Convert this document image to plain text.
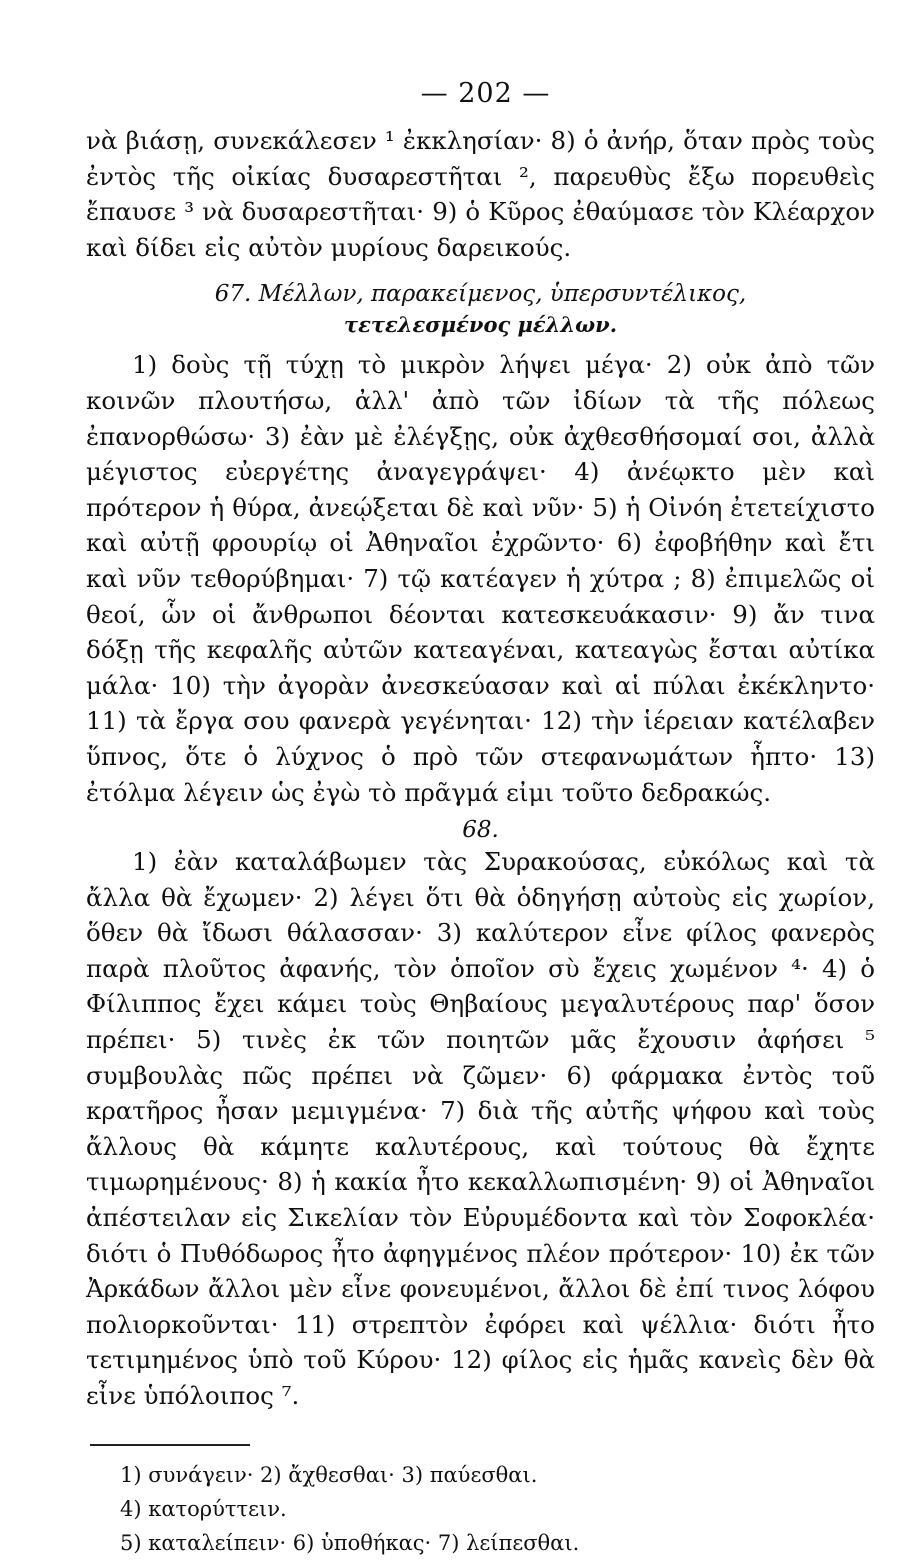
— 202 —

νὰ βιάσῃ, συνεκάλεσεν ¹ ἐκκλησίαν· 8) ὁ ἀνήρ, ὅταν πρὸς τοὺς ἐντὸς τῆς οἰκίας δυσαρεστῆται ², παρευθὺς ἔξω πορευθεὶς ἔπαυσε ³ νὰ δυσαρεστῆται· 9) ὁ Κῦρος ἐθαύμασε τὸν Κλέαρχον καὶ δίδει εἰς αὐτὸν μυρίους δαρεικούς.

67. Μέλλων, παρακείμενος, ὑπερσυντέλικος,
τετελεσμένος μέλλων.

1) δοὺς τῇ τύχῃ τὸ μικρὸν λήψει μέγα· 2) οὐκ ἀπὸ τῶν κοινῶν πλουτήσω, ἀλλ' ἀπὸ τῶν ἰδίων τὰ τῆς πόλεως ἐπανορθώσω· 3) ἐὰν μὲ ἐλέγξῃς, οὐκ ἀχθεσθήσομαί σοι, ἀλλὰ μέγιστος εὐεργέτης ἀναγεγράψει· 4) ἀνέῳκτο μὲν καὶ πρότερον ἡ θύρα, ἀνεῴξεται δὲ καὶ νῦν· 5) ἡ Οἰνόη ἐτετείχιστο καὶ αὐτῇ φρουρίῳ οἱ Ἀθηναῖοι ἐχρῶντο· 6) ἐφοβήθην καὶ ἔτι καὶ νῦν τεθορύβημαι· 7) τῷ κατέαγεν ἡ χύτρα ; 8) ἐπιμελῶς οἱ θεοί, ὧν οἱ ἄνθρωποι δέονται κατεσκευάκασιν· 9) ἄν τινα δόξῃ τῆς κεφαλῆς αὐτῶν κατεαγέναι, κατεαγὼς ἔσται αὐτίκα μάλα· 10) τὴν ἀγορὰν ἀνεσκεύασαν καὶ αἱ πύλαι ἐκέκληντο· 11) τὰ ἔργα σου φανερὰ γεγένηται· 12) τὴν ἱέρειαν κατέλαβεν ὕπνος, ὅτε ὁ λύχνος ὁ πρὸ τῶν στεφανωμάτων ἧπτο· 13) ἐτόλμα λέγειν ὡς ἐγὼ τὸ πρᾶγμά εἰμι τοῦτο δεδρακώς.

68.

1) ἐὰν καταλάβωμεν τὰς Συρακούσας, εὐκόλως καὶ τὰ ἄλλα θὰ ἔχωμεν· 2) λέγει ὅτι θὰ ὁδηγήσῃ αὐτοὺς εἰς χωρίον, ὅθεν θὰ ἴδωσι θάλασσαν· 3) καλύτερον εἶνε φίλος φανερὸς παρὰ πλοῦτος ἀφανής, τὸν ὁποῖον σὺ ἔχεις χωμένον ⁴· 4) ὁ Φίλιππος ἔχει κάμει τοὺς Θηβαίους μεγαλυτέρους παρ' ὅσον πρέπει· 5) τινὲς ἐκ τῶν ποιητῶν μᾶς ἔχουσιν ἀφήσει ⁵ συμβουλὰς πῶς πρέπει νὰ ζῶμεν· 6) φάρμακα ἐντὸς τοῦ κρατῆρος ἦσαν μεμιγμένα· 7) διὰ τῆς αὐτῆς ψήφου καὶ τοὺς ἄλλους θὰ κάμητε καλυτέρους, καὶ τούτους θὰ ἔχητε τιμωρημένους· 8) ἡ κακία ἦτο κεκαλλωπισμένη· 9) οἱ Ἀθηναῖοι ἀπέστειλαν εἰς Σικελίαν τὸν Εὐρυμέδοντα καὶ τὸν Σοφοκλέα· διότι ὁ Πυθόδωρος ἦτο ἀφηγμένος πλέον πρότερον· 10) ἐκ τῶν Ἀρκάδων ἄλλοι μὲν εἶνε φονευμένοι, ἄλλοι δὲ ἐπί τινος λόφου πολιορκοῦνται· 11) στρεπτὸν ἐφόρει καὶ ψέλλια· διότι ἦτο τετιμημένος ὑπὸ τοῦ Κύρου· 12) φίλος εἰς ἡμᾶς κανεὶς δὲν θὰ εἶνε ὑπόλοιπος ⁷.

1) συνάγειν· 2) ἄχθεσθαι· 3) παύεσθαι.
4) κατορύττειν.
5) καταλείπειν· 6) ὑποθήκας· 7) λείπεσθαι.
